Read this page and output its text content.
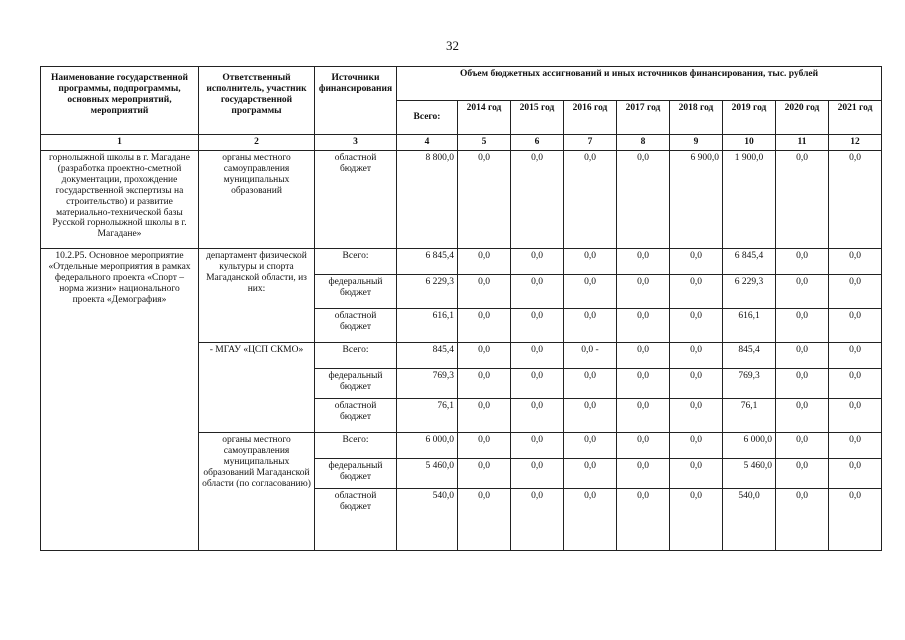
32
Наименование государственной программы, подпрограммы, основных мероприятий, мероприятий	Ответственный исполнитель, участник государственной программы	Источники финансирования	Объем бюджетных ассигнований и иных источников финансирования, тыс. рублей								
			Всего:	2014 год	2015 год	2016 год	2017 год	2018 год	2019 год	2020 год	2021 год
1	2	3	4	5	6	7	8	9	10	11	12
горнолыжной школы в г. Магадане (разработка проектно-сметной документации, прохождение государственной экспертизы на строительство) и развитие материально-технической базы Русской горнолыжной школы в г. Магадане»	органы местного самоуправления муниципальных образований	областной бюджет	8 800,0	0,0	0,0	0,0	0,0	6 900,0	1 900,0	0,0	0,0
10.2.Р5. Основное мероприятие «Отдельные мероприятия в рамках федерального проекта «Спорт – норма жизни» национального проекта «Демография»	департамент физической культуры и спорта Магаданской области, из них:	Всего:	6 845,4	0,0	0,0	0,0	0,0	0,0	6 845,4	0,0	0,0
		федеральный бюджет	6 229,3	0,0	0,0	0,0	0,0	0,0	6 229,3	0,0	0,0
		областной бюджет	616,1	0,0	0,0	0,0	0,0	0,0	616,1	0,0	0,0
	- МГАУ «ЦСП СКМО»	Всего:	845,4	0,0	0,0	0,0 -	0,0	0,0	845,4	0,0	0,0
		федеральный бюджет	769,3	0,0	0,0	0,0	0,0	0,0	769,3	0,0	0,0
		областной бюджет	76,1	0,0	0,0	0,0	0,0	0,0	76,1	0,0	0,0
	органы местного самоуправления муниципальных образований Магаданской области (по согласованию)	Всего:	6 000,0	0,0	0,0	0,0	0,0	0,0	6 000,0	0,0	0,0
		федеральный бюджет	5 460,0	0,0	0,0	0,0	0,0	0,0	5 460,0	0,0	0,0
		областной бюджет	540,0	0,0	0,0	0,0	0,0	0,0	540,0	0,0	0,0
